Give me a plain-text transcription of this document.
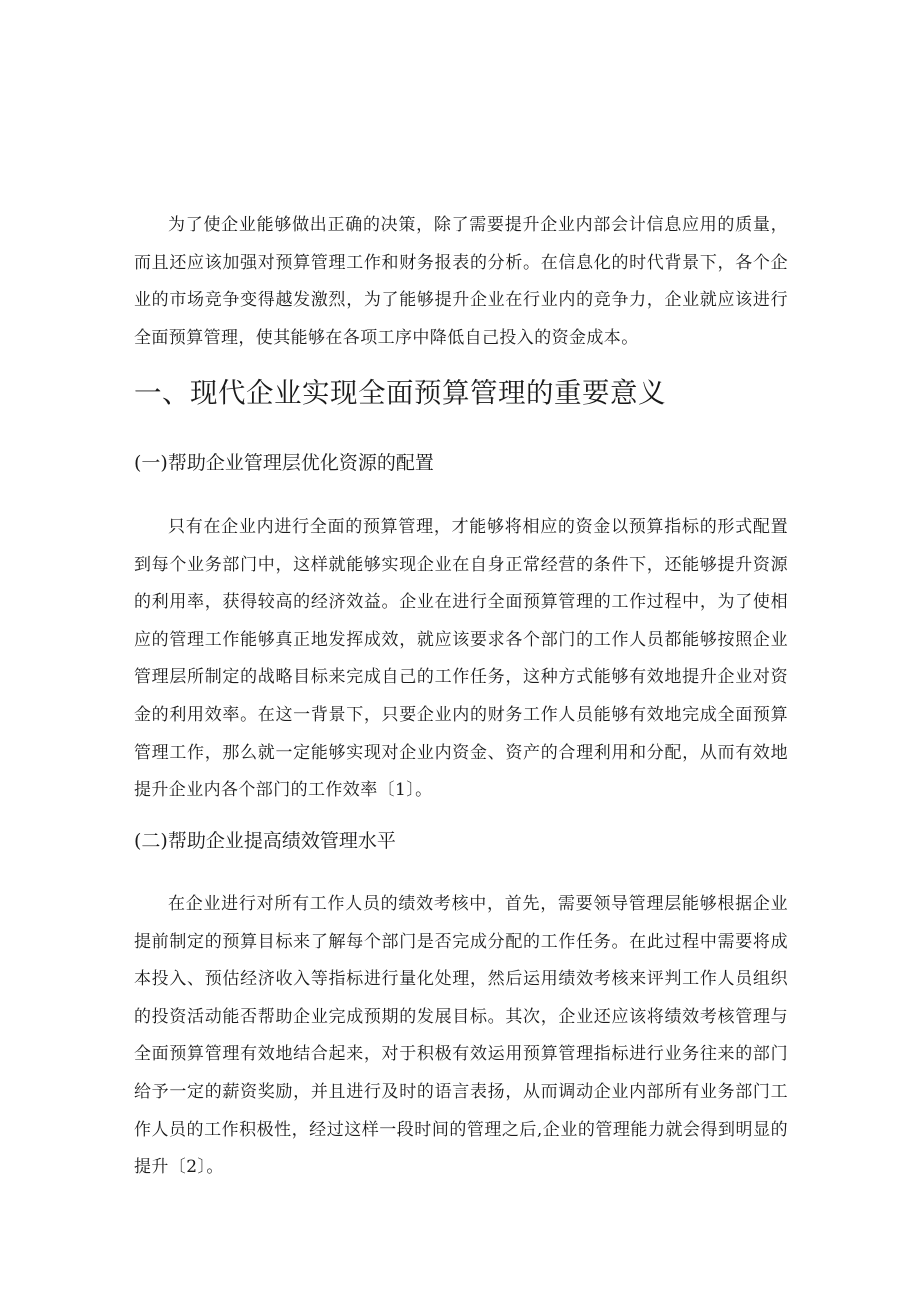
为了使企业能够做出正确的决策，除了需要提升企业内部会计信息应用的质量，而且还应该加强对预算管理工作和财务报表的分析。在信息化的时代背景下，各个企业的市场竞争变得越发激烈，为了能够提升企业在行业内的竞争力，企业就应该进行全面预算管理，使其能够在各项工序中降低自己投入的资金成本。

一、现代企业实现全面预算管理的重要意义
(一)帮助企业管理层优化资源的配置

只有在企业内进行全面的预算管理，才能够将相应的资金以预算指标的形式配置到每个业务部门中，这样就能够实现企业在自身正常经营的条件下，还能够提升资源的利用率，获得较高的经济效益。企业在进行全面预算管理的工作过程中，为了使相应的管理工作能够真正地发挥成效，就应该要求各个部门的工作人员都能够按照企业管理层所制定的战略目标来完成自己的工作任务，这种方式能够有效地提升企业对资金的利用效率。在这一背景下，只要企业内的财务工作人员能够有效地完成全面预算管理工作，那么就一定能够实现对企业内资金、资产的合理利用和分配，从而有效地提升企业内各个部门的工作效率〔1〕。

(二)帮助企业提高绩效管理水平

在企业进行对所有工作人员的绩效考核中，首先，需要领导管理层能够根据企业提前制定的预算目标来了解每个部门是否完成分配的工作任务。在此过程中需要将成本投入、预估经济收入等指标进行量化处理，然后运用绩效考核来评判工作人员组织的投资活动能否帮助企业完成预期的发展目标。其次，企业还应该将绩效考核管理与全面预算管理有效地结合起来，对于积极有效运用预算管理指标进行业务往来的部门给予一定的薪资奖励，并且进行及时的语言表扬，从而调动企业内部所有业务部门工作人员的工作积极性，经过这样一段时间的管理之后,企业的管理能力就会得到明显的提升〔2〕。
